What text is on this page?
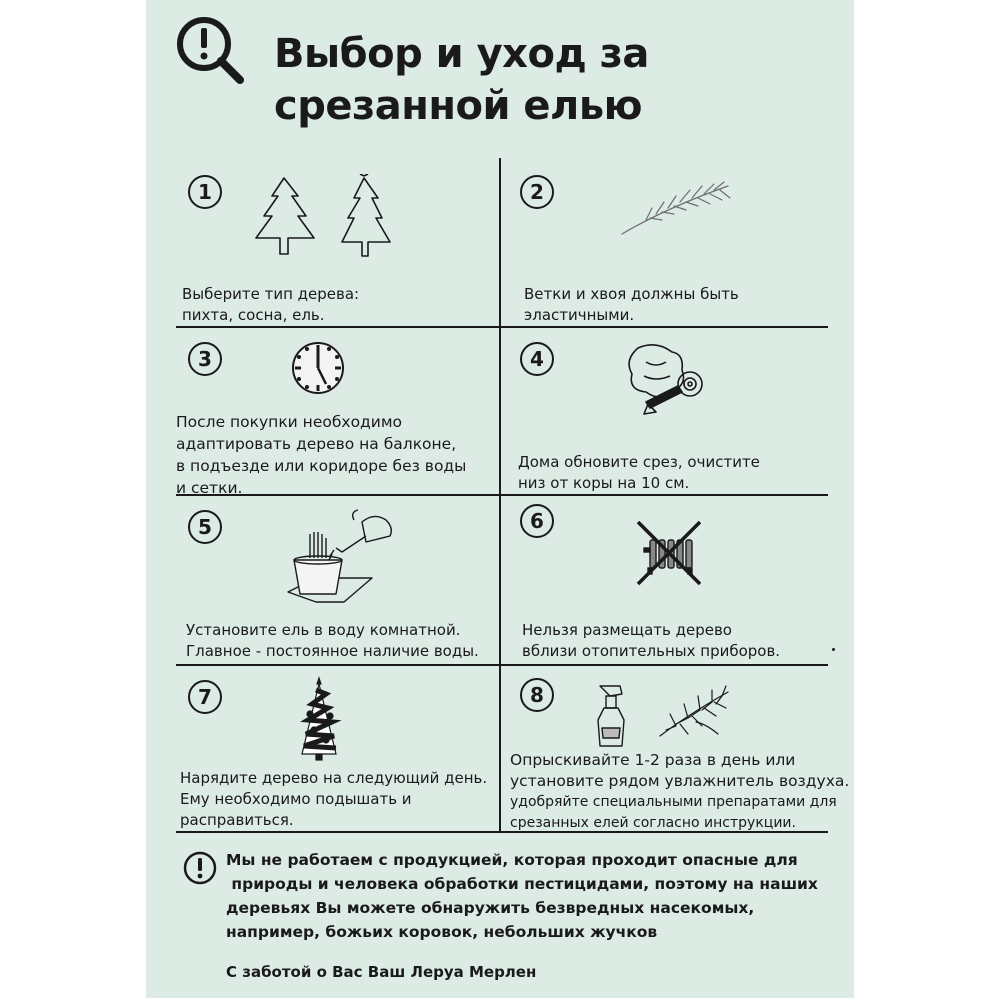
Выбор и уход за
срезанной елью
1
Выберите тип дерева:
пихта, сосна, ель.
2
Ветки и хвоя должны быть
эластичными.
3
После покупки необходимо
адаптировать дерево на балконе,
в подъезде или коридоре без воды
и сетки.
4
Дома обновите срез, очистите
низ от коры на 10 см.
5
Установите ель в воду комнатной.
Главное - постоянное наличие воды.
6
Нельзя размещать дерево
вблизи отопительных приборов.
7
Нарядите дерево на следующий день.
Ему необходимо подышать и
расправиться.
8
Опрыскивайте 1-2 раза в день или
установите рядом увлажнитель воздуха.
удобряйте специальными препаратами для
срезанных елей согласно инструкции.
Мы не работаем с продукцией, которая проходит опасные для
природы и человека обработки пестицидами, поэтому на наших
деревьях Вы можете обнаружить безвредных насекомых,
например, божьих коровок, небольших жучков
С заботой о Вас Ваш Леруа Мерлен
